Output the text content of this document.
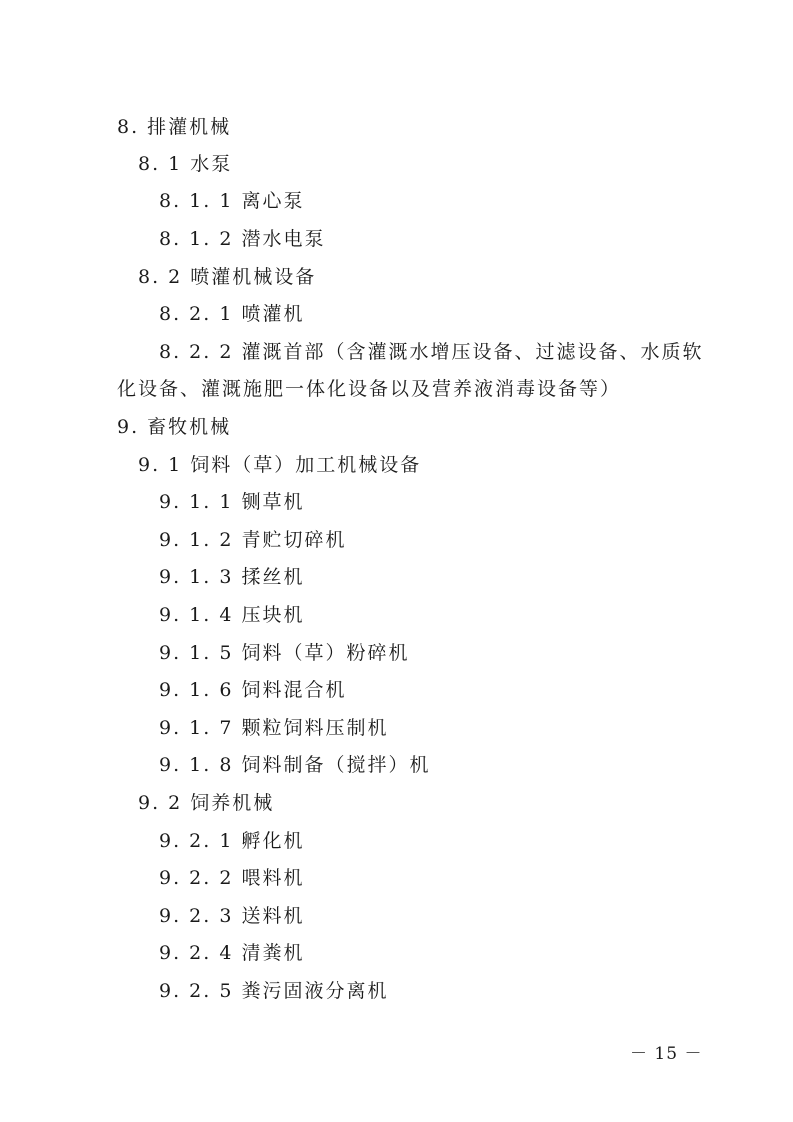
8. 排灌机械
8. 1 水泵
8. 1. 1 离心泵
8. 1. 2 潜水电泵
8. 2 喷灌机械设备
8. 2. 1 喷灌机
8. 2. 2 灌溉首部（含灌溉水增压设备、过滤设备、水质软
化设备、灌溉施肥一体化设备以及营养液消毒设备等）
9. 畜牧机械
9. 1 饲料（草）加工机械设备
9. 1. 1 铡草机
9. 1. 2 青贮切碎机
9. 1. 3 揉丝机
9. 1. 4 压块机
9. 1. 5 饲料（草）粉碎机
9. 1. 6 饲料混合机
9. 1. 7 颗粒饲料压制机
9. 1. 8 饲料制备（搅拌）机
9. 2 饲养机械
9. 2. 1 孵化机
9. 2. 2 喂料机
9. 2. 3 送料机
9. 2. 4 清粪机
9. 2. 5 粪污固液分离机
－ 15 －
